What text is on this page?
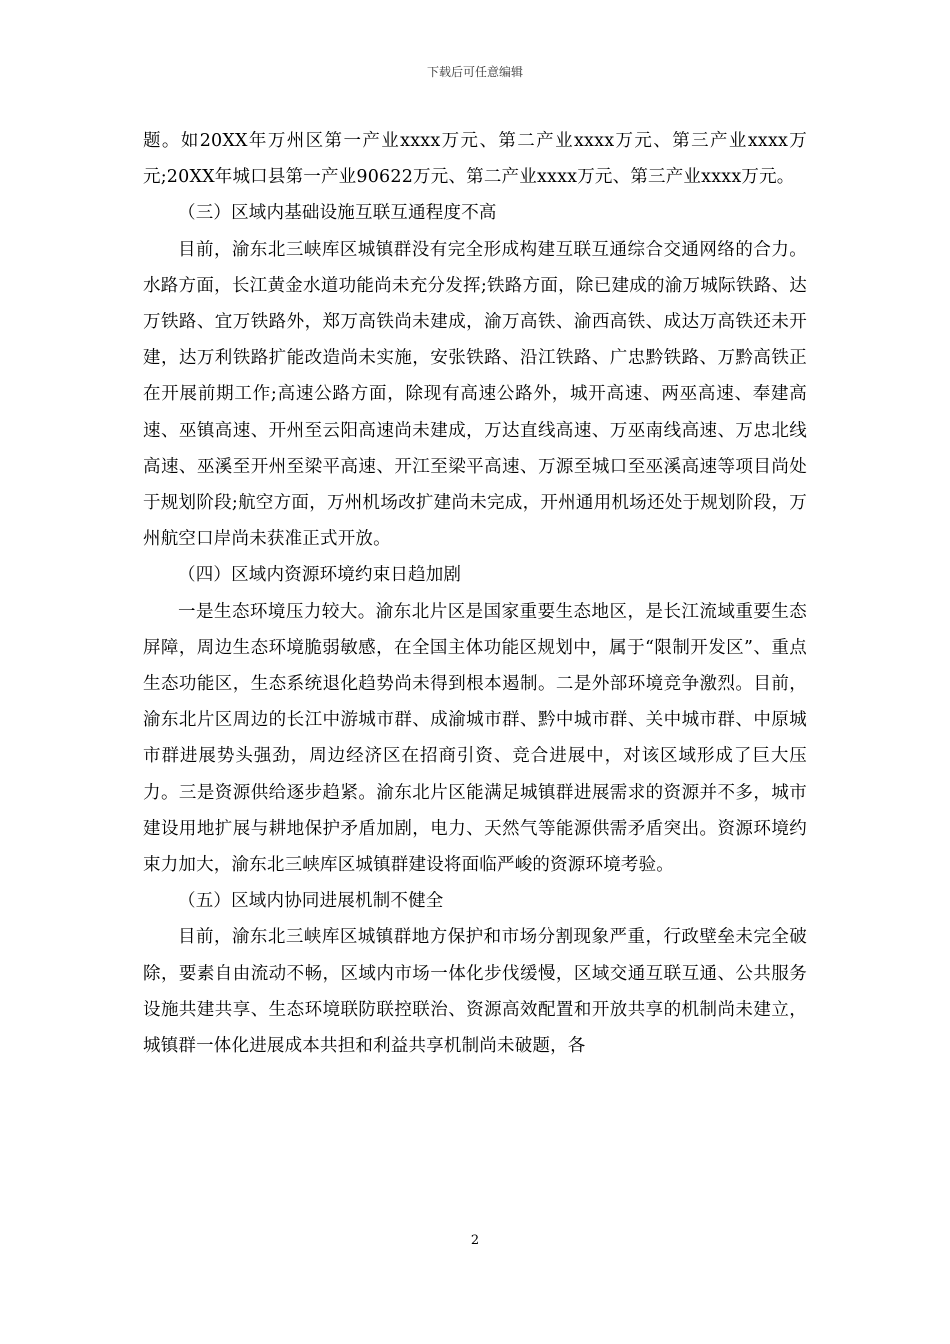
下载后可任意编辑

题。如20XX年万州区第一产业xxxx万元、第二产业xxxx万元、第三产业xxxx万元;20XX年城口县第一产业90622万元、第二产业xxxx万元、第三产业xxxx万元。

（三）区域内基础设施互联互通程度不高

目前，渝东北三峡库区城镇群没有完全形成构建互联互通综合交通网络的合力。水路方面，长江黄金水道功能尚未充分发挥;铁路方面，除已建成的渝万城际铁路、达万铁路、宜万铁路外，郑万高铁尚未建成，渝万高铁、渝西高铁、成达万高铁还未开建，达万利铁路扩能改造尚未实施，安张铁路、沿江铁路、广忠黔铁路、万黔高铁正在开展前期工作;高速公路方面，除现有高速公路外，城开高速、两巫高速、奉建高速、巫镇高速、开州至云阳高速尚未建成，万达直线高速、万巫南线高速、万忠北线高速、巫溪至开州至梁平高速、开江至梁平高速、万源至城口至巫溪高速等项目尚处于规划阶段;航空方面，万州机场改扩建尚未完成，开州通用机场还处于规划阶段，万州航空口岸尚未获准正式开放。

（四）区域内资源环境约束日趋加剧

一是生态环境压力较大。渝东北片区是国家重要生态地区，是长江流域重要生态屏障，周边生态环境脆弱敏感，在全国主体功能区规划中，属于“限制开发区”、重点生态功能区，生态系统退化趋势尚未得到根本遏制。二是外部环境竞争激烈。目前，渝东北片区周边的长江中游城市群、成渝城市群、黔中城市群、关中城市群、中原城市群进展势头强劲，周边经济区在招商引资、竞合进展中，对该区域形成了巨大压力。三是资源供给逐步趋紧。渝东北片区能满足城镇群进展需求的资源并不多，城市建设用地扩展与耕地保护矛盾加剧，电力、天然气等能源供需矛盾突出。资源环境约束力加大，渝东北三峡库区城镇群建设将面临严峻的资源环境考验。

（五）区域内协同进展机制不健全

目前，渝东北三峡库区城镇群地方保护和市场分割现象严重，行政壁垒未完全破除，要素自由流动不畅，区域内市场一体化步伐缓慢，区域交通互联互通、公共服务设施共建共享、生态环境联防联控联治、资源高效配置和开放共享的机制尚未建立，城镇群一体化进展成本共担和利益共享机制尚未破题，各

2
